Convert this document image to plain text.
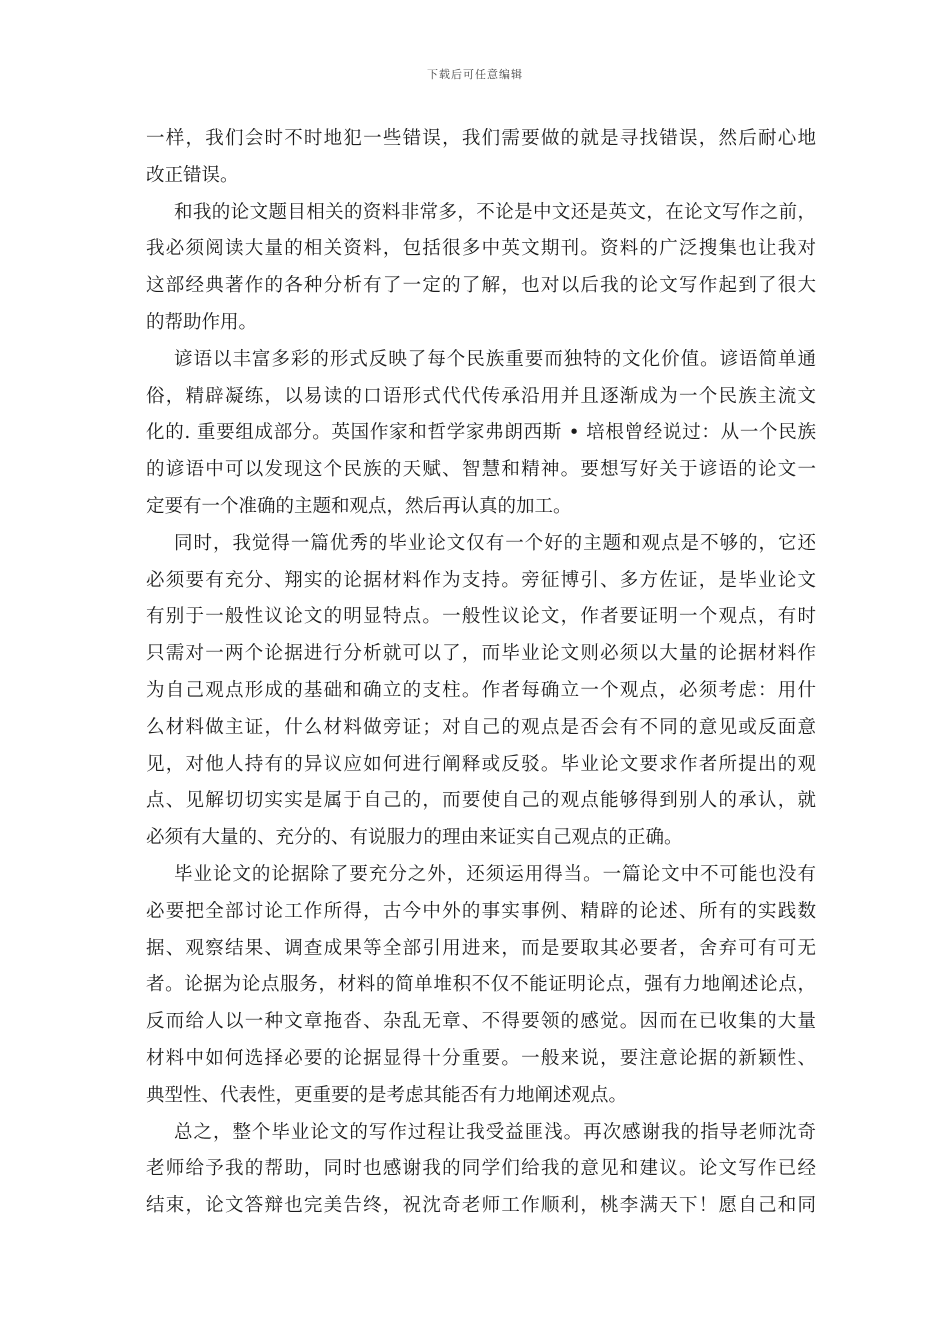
下载后可任意编辑
一样，我们会时不时地犯一些错误，我们需要做的就是寻找错误，然后耐心地
改正错误。
和我的论文题目相关的资料非常多，不论是中文还是英文，在论文写作之前，
我必须阅读大量的相关资料，包括很多中英文期刊。资料的广泛搜集也让我对
这部经典著作的各种分析有了一定的了解，也对以后我的论文写作起到了很大
的帮助作用。
谚语以丰富多彩的形式反映了每个民族重要而独特的文化价值。谚语简单通
俗，精辟凝练，以易读的口语形式代代传承沿用并且逐渐成为一个民族主流文
化的. 重要组成部分。英国作家和哲学家弗朗西斯 • 培根曾经说过：从一个民族
的谚语中可以发现这个民族的天赋、智慧和精神。要想写好关于谚语的论文一
定要有一个准确的主题和观点，然后再认真的加工。
同时，我觉得一篇优秀的毕业论文仅有一个好的主题和观点是不够的，它还
必须要有充分、翔实的论据材料作为支持。旁征博引、多方佐证，是毕业论文
有别于一般性议论文的明显特点。一般性议论文，作者要证明一个观点，有时
只需对一两个论据进行分析就可以了，而毕业论文则必须以大量的论据材料作
为自己观点形成的基础和确立的支柱。作者每确立一个观点，必须考虑：用什
么材料做主证，什么材料做旁证；对自己的观点是否会有不同的意见或反面意
见，对他人持有的异议应如何进行阐释或反驳。毕业论文要求作者所提出的观
点、见解切切实实是属于自己的，而要使自己的观点能够得到别人的承认，就
必须有大量的、充分的、有说服力的理由来证实自己观点的正确。
毕业论文的论据除了要充分之外，还须运用得当。一篇论文中不可能也没有
必要把全部讨论工作所得，古今中外的事实事例、精辟的论述、所有的实践数
据、观察结果、调查成果等全部引用进来，而是要取其必要者，舍弃可有可无
者。论据为论点服务，材料的简单堆积不仅不能证明论点，强有力地阐述论点，
反而给人以一种文章拖沓、杂乱无章、不得要领的感觉。因而在已收集的大量
材料中如何选择必要的论据显得十分重要。一般来说，要注意论据的新颖性、
典型性、代表性，更重要的是考虑其能否有力地阐述观点。
总之，整个毕业论文的写作过程让我受益匪浅。再次感谢我的指导老师沈奇
老师给予我的帮助，同时也感谢我的同学们给我的意见和建议。论文写作已经
结束，论文答辩也完美告终，祝沈奇老师工作顺利，桃李满天下！愿自己和同
